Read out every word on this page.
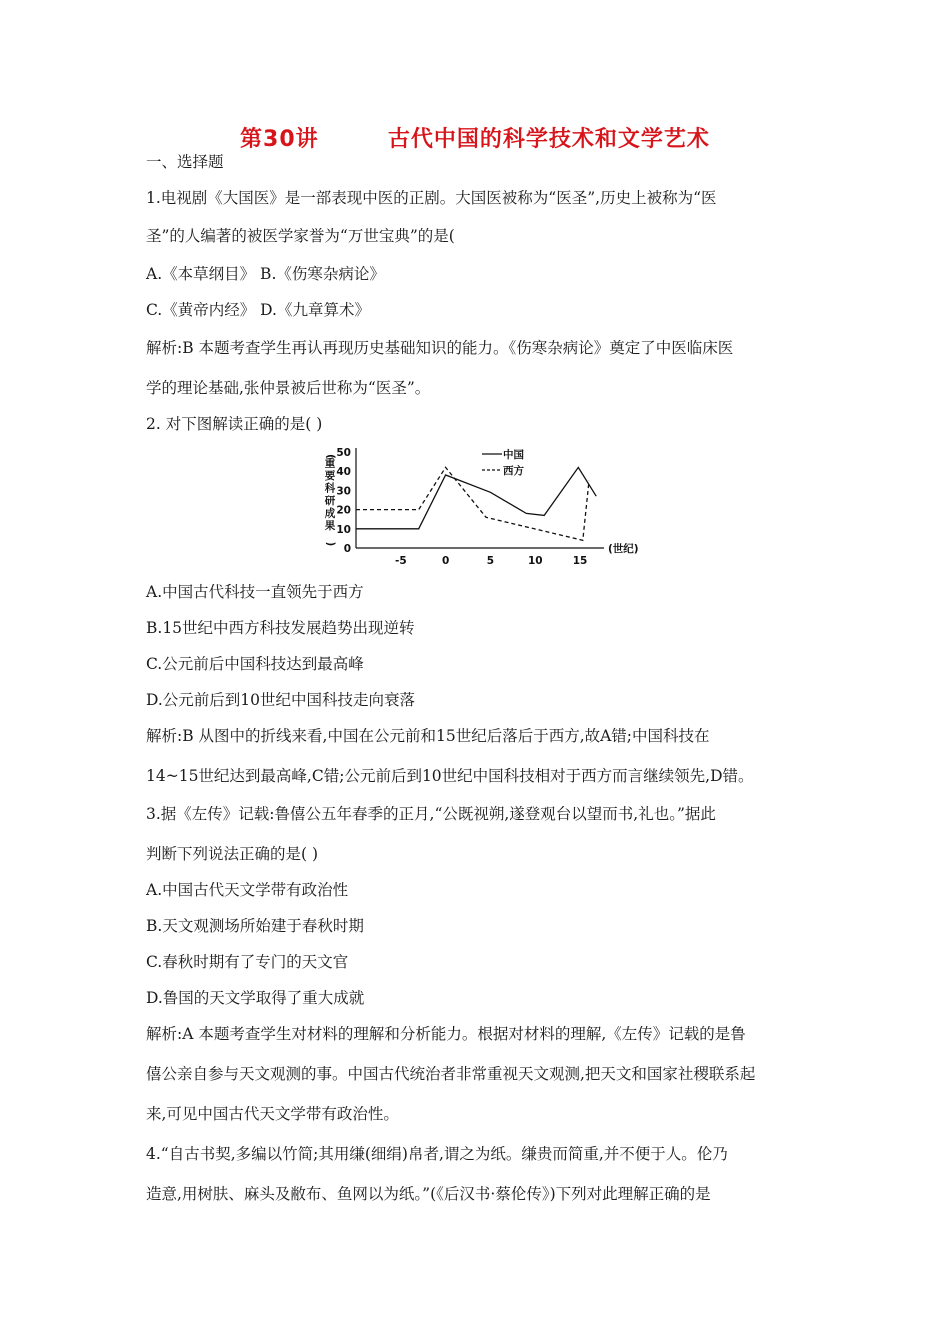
第30讲        古代中国的科学技术和文学艺术
一、选择题
1.电视剧《大国医》是一部表现中医的正剧。大国医被称为“医圣”,历史上被称为“医
圣”的人编著的被医学家誉为“万世宝典”的是(
A.《本草纲目》 B.《伤寒杂病论》
C.《黄帝内经》 D.《九章算术》
解析:B 本题考查学生再认再现历史基础知识的能力。《伤寒杂病论》奠定了中医临床医
学的理论基础,张仲景被后世称为“医圣”。
2. 对下图解读正确的是( )
(重要科研成果)	(世纪)
0
10
20
30
40
50
-5	0	5	10	15
中国
西方
A.中国古代科技一直领先于西方
B.15世纪中西方科技发展趋势出现逆转
C.公元前后中国科技达到最高峰
D.公元前后到10世纪中国科技走向衰落
解析:B 从图中的折线来看,中国在公元前和15世纪后落后于西方,故A错;中国科技在
14~15世纪达到最高峰,C错;公元前后到10世纪中国科技相对于西方而言继续领先,D错。
3.据《左传》记载:鲁僖公五年春季的正月,“公既视朔,遂登观台以望而书,礼也。”据此
判断下列说法正确的是( )
A.中国古代天文学带有政治性
B.天文观测场所始建于春秋时期
C.春秋时期有了专门的天文官
D.鲁国的天文学取得了重大成就
解析:A 本题考查学生对材料的理解和分析能力。根据对材料的理解,《左传》记载的是鲁
僖公亲自参与天文观测的事。中国古代统治者非常重视天文观测,把天文和国家社稷联系起
来,可见中国古代天文学带有政治性。
4.“自古书契,多编以竹简;其用缣(细绢)帛者,谓之为纸。缣贵而简重,并不便于人。伦乃
造意,用树肤、麻头及敝布、鱼网以为纸。”(《后汉书·蔡伦传》)下列对此理解正确的是
